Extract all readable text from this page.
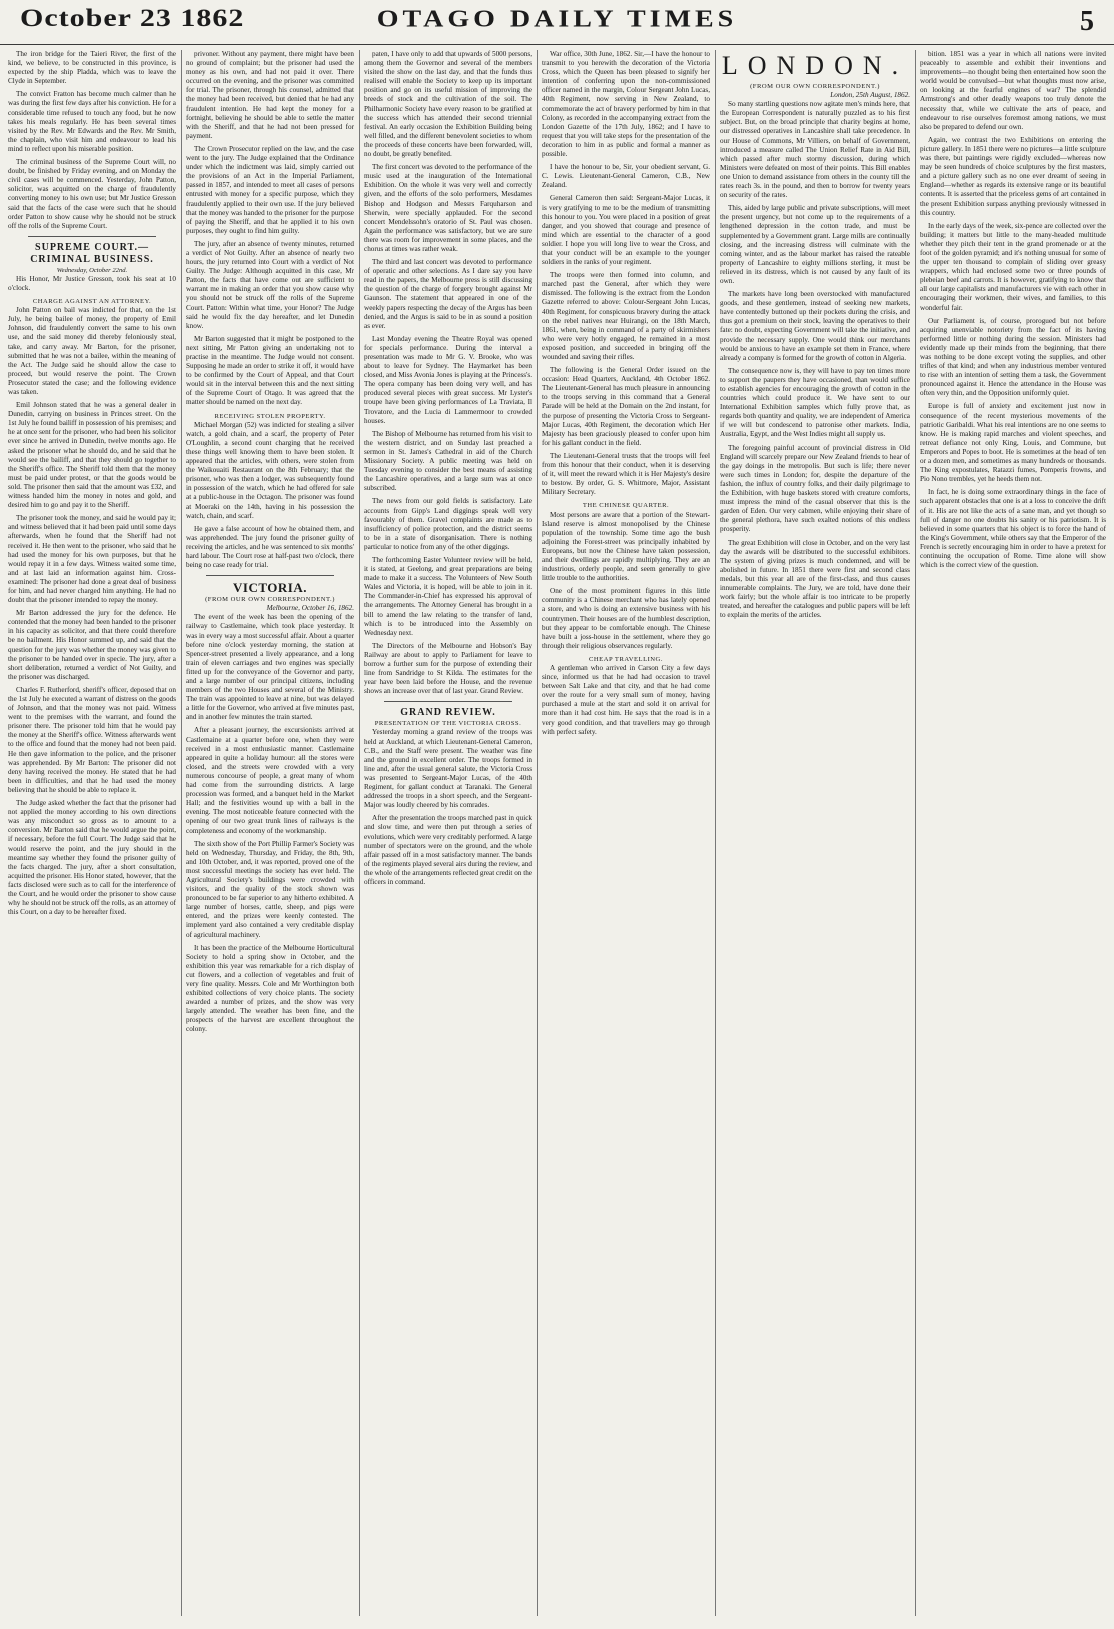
October 23 1862	OTAGO DAILY TIMES	5

The iron bridge for the Taieri River, the first of the kind, we believe, to be constructed in this province, is expected by the ship Pladda, which was to leave the Clyde in September.

The convict Fratton has become much calmer than he was during the first few days after his conviction. He for a considerable time refused to touch any food, but he now takes his meals regularly. He has been several times visited by the Rev. Mr Edwards and the Rev. Mr Smith, the chaplain, who visit him and endeavour to lead his mind to reflect upon his miserable position.

The criminal business of the Supreme Court will, no doubt, be finished by Friday evening, and on Monday the civil cases will be commenced. Yesterday, John Patton, solicitor, was acquitted on the charge of fraudulently converting money to his own use; but Mr Justice Gresson said that the facts of the case were such that he should order Patton to show cause why he should not be struck off the rolls of the Supreme Court.

SUPREME COURT.—CRIMINAL BUSINESS.

Wednesday, October 22nd.

His Honor, Mr Justice Gresson, took his seat at 10 o'clock.

CHARGE AGAINST AN ATTORNEY.

John Patton on bail was indicted for that, on the 1st July, he being bailee of money, the property of Emil Johnson, did fraudulently convert the same to his own use, and the said money did thereby feloniously steal, take, and carry away. Mr Barton, for the prisoner, submitted that he was not a bailee, within the meaning of the Act. The Judge said he should allow the case to proceed, but would reserve the point. The Crown Prosecutor stated the case; and the following evidence was taken.

Emil Johnson stated that he was a general dealer in Dunedin, carrying on business in Princes street. On the 1st July he found bailiff in possession of his premises; and he at once sent for the prisoner, who had been his solicitor ever since he arrived in Dunedin, twelve months ago. He asked the prisoner what he should do, and he said that he would see the bailiff, and that they should go together to the Sheriff's office. The Sheriff told them that the money must be paid under protest, or that the goods would be sold. The prisoner then said that the amount was £32, and witness handed him the money in notes and gold, and desired him to go and pay it to the Sheriff.

The prisoner took the money, and said he would pay it; and witness believed that it had been paid until some days afterwards, when he found that the Sheriff had not received it. He then went to the prisoner, who said that he had used the money for his own purposes, but that he would repay it in a few days. Witness waited some time, and at last laid an information against him. Cross-examined: The prisoner had done a great deal of business for him, and had never charged him anything. He had no doubt that the prisoner intended to repay the money.

Mr Barton addressed the jury for the defence. He contended that the money had been handed to the prisoner in his capacity as solicitor, and that there could therefore be no bailment. His Honor summed up, and said that the question for the jury was whether the money was given to the prisoner to be handed over in specie. The jury, after a short deliberation, returned a verdict of Not Guilty, and the prisoner was discharged.

Charles F. Rutherford, sheriff's officer, deposed that on the 1st July he executed a warrant of distress on the goods of Johnson, and that the money was not paid. Witness went to the premises with the warrant, and found the prisoner there. The prisoner told him that he would pay the money at the Sheriff's office. Witness afterwards went to the office and found that the money had not been paid. He then gave information to the police, and the prisoner was apprehended. By Mr Barton: The prisoner did not deny having received the money. He stated that he had been in difficulties, and that he had used the money believing that he should be able to replace it.

The Judge asked whether the fact that the prisoner had not applied the money according to his own directions was any misconduct so gross as to amount to a conversion. Mr Barton said that he would argue the point, if necessary, before the full Court. The Judge said that he would reserve the point, and the jury should in the meantime say whether they found the prisoner guilty of the facts charged. The jury, after a short consultation, acquitted the prisoner. His Honor stated, however, that the facts disclosed were such as to call for the interference of the Court, and he would order the prisoner to show cause why he should not be struck off the rolls, as an attorney of this Court, on a day to be hereafter fixed.

privoner. Without any payment, there might have been no ground of complaint; but the prisoner had used the money as his own, and had not paid it over. There occurred on the evening, and the prisoner was committed for trial. The prisoner, through his counsel, admitted that the money had been received, but denied that he had any fraudulent intention. He had kept the money for a fortnight, believing he should be able to settle the matter with the Sheriff, and that he had not been pressed for payment.

The Crown Prosecutor replied on the law, and the case went to the jury. The Judge explained that the Ordinance under which the indictment was laid, simply carried out the provisions of an Act in the Imperial Parliament, passed in 1857, and intended to meet all cases of persons entrusted with money for a specific purpose, which they fraudulently applied to their own use. If the jury believed that the money was handed to the prisoner for the purpose of paying the Sheriff, and that he applied it to his own purposes, they ought to find him guilty.

The jury, after an absence of twenty minutes, returned a verdict of Not Guilty. After an absence of nearly two hours, the jury returned into Court with a verdict of Not Guilty. The Judge: Although acquitted in this case, Mr Patton, the facts that have come out are sufficient to warrant me in making an order that you show cause why you should not be struck off the rolls of the Supreme Court. Patton: Within what time, your Honor? The Judge said he would fix the day hereafter, and let Dunedin know.

Mr Barton suggested that it might be postponed to the next sitting, Mr Patton giving an undertaking not to practise in the meantime. The Judge would not consent. Supposing he made an order to strike it off, it would have to be confirmed by the Court of Appeal, and that Court would sit in the interval between this and the next sitting of the Supreme Court of Otago. It was agreed that the matter should be named on the next day.

RECEIVING STOLEN PROPERTY.

Michael Morgan (52) was indicted for stealing a silver watch, a gold chain, and a scarf, the property of Peter O'Loughlin, a second count charging that he received these things well knowing them to have been stolen. It appeared that the articles, with others, were stolen from the Waikouaiti Restaurant on the 8th February; that the prisoner, who was then a lodger, was subsequently found in possession of the watch, which he had offered for sale at a public-house in the Octagon. The prisoner was found at Moeraki on the 14th, having in his possession the watch, chain, and scarf.

He gave a false account of how he obtained them, and was apprehended. The jury found the prisoner guilty of receiving the articles, and he was sentenced to six months' hard labour. The Court rose at half-past two o'clock, there being no case ready for trial.

VICTORIA.

(FROM OUR OWN CORRESPONDENT.)

Melbourne, October 16, 1862.

The event of the week has been the opening of the railway to Castlemaine, which took place yesterday. It was in every way a most successful affair. About a quarter before nine o'clock yesterday morning, the station at Spencer-street presented a lively appearance, and a long train of eleven carriages and two engines was specially fitted up for the conveyance of the Governor and party, and a large number of our principal citizens, including members of the two Houses and several of the Ministry. The train was appointed to leave at nine, but was delayed a little for the Governor, who arrived at five minutes past, and in another few minutes the train started.

After a pleasant journey, the excursionists arrived at Castlemaine at a quarter before one, when they were received in a most enthusiastic manner. Castlemaine appeared in quite a holiday humour: all the stores were closed, and the streets were crowded with a very numerous concourse of people, a great many of whom had come from the surrounding districts. A large procession was formed, and a banquet held in the Market Hall; and the festivities wound up with a ball in the evening. The most noticeable feature connected with the opening of our two great trunk lines of railways is the completeness and economy of the workmanship.

The sixth show of the Port Phillip Farmer's Society was held on Wednesday, Thursday, and Friday, the 8th, 9th, and 10th October, and, it was reported, proved one of the most successful meetings the society has ever held. The Agricultural Society's buildings were crowded with visitors, and the quality of the stock shown was pronounced to be far superior to any hitherto exhibited. A large number of horses, cattle, sheep, and pigs were entered, and the prizes were keenly contested. The implement yard also contained a very creditable display of agricultural machinery.

It has been the practice of the Melbourne Horticultural Society to hold a spring show in October, and the exhibition this year was remarkable for a rich display of cut flowers, and a collection of vegetables and fruit of very fine quality. Messrs. Cole and Mr Worthington both exhibited collections of very choice plants. The society awarded a number of prizes, and the show was very largely attended. The weather has been fine, and the prospects of the harvest are excellent throughout the colony.

paten, I have only to add that upwards of 5000 persons, among them the Governor and several of the members visited the show on the last day, and that the funds thus realised will enable the Society to keep up its important position and go on its useful mission of improving the breeds of stock and the cultivation of the soil. The Philharmonic Society have every reason to be gratified at the success which has attended their second triennial festival. An early occasion the Exhibition Building being well filled, and the different benevolent societies to whom the proceeds of these concerts have been forwarded, will, no doubt, be greatly benefited.

The first concert was devoted to the performance of the music used at the inauguration of the International Exhibition. On the whole it was very well and correctly given, and the efforts of the solo performers, Mesdames Bishop and Hodgson and Messrs Farquharson and Sherwin, were specially applauded. For the second concert Mendelssohn's oratorio of St. Paul was chosen. Again the performance was satisfactory, but we are sure there was room for improvement in some places, and the chorus at times was rather weak.

The third and last concert was devoted to performance of operatic and other selections. As I dare say you have read in the papers, the Melbourne press is still discussing the question of the charge of forgery brought against Mr Gaunson. The statement that appeared in one of the weekly papers respecting the decay of the Argus has been denied, and the Argus is said to be in as sound a position as ever.

Last Monday evening the Theatre Royal was opened for specials performance. During the interval a presentation was made to Mr G. V. Brooke, who was about to leave for Sydney. The Haymarket has been closed, and Miss Avonia Jones is playing at the Princess's. The opera company has been doing very well, and has produced several pieces with great success. Mr Lyster's troupe have been giving performances of La Traviata, Il Trovatore, and the Lucia di Lammermoor to crowded houses.

The Bishop of Melbourne has returned from his visit to the western district, and on Sunday last preached a sermon in St. James's Cathedral in aid of the Church Missionary Society. A public meeting was held on Tuesday evening to consider the best means of assisting the Lancashire operatives, and a large sum was at once subscribed.

The news from our gold fields is satisfactory. Late accounts from Gipp's Land diggings speak well very favourably of them. Gravel complaints are made as to insufficiency of police protection, and the district seems to be in a state of disorganisation. There is nothing particular to notice from any of the other diggings.

The forthcoming Easter Volunteer review will be held, it is stated, at Geelong, and great preparations are being made to make it a success. The Volunteers of New South Wales and Victoria, it is hoped, will be able to join in it. The Commander-in-Chief has expressed his approval of the arrangements. The Attorney General has brought in a bill to amend the law relating to the transfer of land, which is to be introduced into the Assembly on Wednesday next.

The Directors of the Melbourne and Hobson's Bay Railway are about to apply to Parliament for leave to borrow a further sum for the purpose of extending their line from Sandridge to St Kilda. The estimates for the year have been laid before the House, and the revenue shows an increase over that of last year. Grand Review.

GRAND REVIEW.

PRESENTATION OF THE VICTORIA CROSS.

Yesterday morning a grand review of the troops was held at Auckland, at which Lieutenant-General Cameron, C.B., and the Staff were present. The weather was fine and the ground in excellent order. The troops formed in line and, after the usual general salute, the Victoria Cross was presented to Sergeant-Major Lucas, of the 40th Regiment, for gallant conduct at Taranaki. The General addressed the troops in a short speech, and the Sergeant-Major was loudly cheered by his comrades.

After the presentation the troops marched past in quick and slow time, and were then put through a series of evolutions, which were very creditably performed. A large number of spectators were on the ground, and the whole affair passed off in a most satisfactory manner. The bands of the regiments played several airs during the review, and the whole of the arrangements reflected great credit on the officers in command.

War office, 30th June, 1862. Sir,—I have the honour to transmit to you herewith the decoration of the Victoria Cross, which the Queen has been pleased to signify her intention of conferring upon the non-commissioned officer named in the margin, Colour Sergeant John Lucas, 40th Regiment, now serving in New Zealand, to commemorate the act of bravery performed by him in that Colony, as recorded in the accompanying extract from the London Gazette of the 17th July, 1862; and I have to request that you will take steps for the presentation of the decoration to him in as public and formal a manner as possible.

I have the honour to be, Sir, your obedient servant, G. C. Lewis. Lieutenant-General Cameron, C.B., New Zealand.

General Cameron then said: Sergeant-Major Lucas, it is very gratifying to me to be the medium of transmitting this honour to you. You were placed in a position of great danger, and you showed that courage and presence of mind which are essential to the character of a good soldier. I hope you will long live to wear the Cross, and that your conduct will be an example to the younger soldiers in the ranks of your regiment.

The troops were then formed into column, and marched past the General, after which they were dismissed. The following is the extract from the London Gazette referred to above: Colour-Sergeant John Lucas, 40th Regiment, for conspicuous bravery during the attack on the rebel natives near Huirangi, on the 18th March, 1861, when, being in command of a party of skirmishers who were very hotly engaged, he remained in a most exposed position, and succeeded in bringing off the wounded and saving their rifles.

The following is the General Order issued on the occasion: Head Quarters, Auckland, 4th October 1862. The Lieutenant-General has much pleasure in announcing to the troops serving in this command that a General Parade will be held at the Domain on the 2nd instant, for the purpose of presenting the Victoria Cross to Sergeant-Major Lucas, 40th Regiment, the decoration which Her Majesty has been graciously pleased to confer upon him for his gallant conduct in the field.

The Lieutenant-General trusts that the troops will feel from this honour that their conduct, when it is deserving of it, will meet the reward which it is Her Majesty's desire to bestow. By order, G. S. Whitmore, Major, Assistant Military Secretary.

THE CHINESE QUARTER.

Most persons are aware that a portion of the Stewart-Island reserve is almost monopolised by the Chinese population of the township. Some time ago the bush adjoining the Forest-street was principally inhabited by Europeans, but now the Chinese have taken possession, and their dwellings are rapidly multiplying. They are an industrious, orderly people, and seem generally to give little trouble to the authorities.

One of the most prominent figures in this little community is a Chinese merchant who has lately opened a store, and who is doing an extensive business with his countrymen. Their houses are of the humblest description, but they appear to be comfortable enough. The Chinese have built a joss-house in the settlement, where they go through their religious observances regularly.

CHEAP TRAVELLING.

A gentleman who arrived in Carson City a few days since, informed us that he had had occasion to travel between Salt Lake and that city, and that he had come over the route for a very small sum of money, having purchased a mule at the start and sold it on arrival for more than it had cost him. He says that the road is in a very good condition, and that travellers may go through with perfect safety.

LONDON.

(FROM OUR OWN CORRESPONDENT.)

London, 25th August, 1862.

So many startling questions now agitate men's minds here, that the European Correspondent is naturally puzzled as to his first subject. But, on the broad principle that charity begins at home, our distressed operatives in Lancashire shall take precedence. In our House of Commons, Mr Villiers, on behalf of Government, introduced a measure called The Union Relief Rate in Aid Bill, which passed after much stormy discussion, during which Ministers were defeated on most of their points. This Bill enables one Union to demand assistance from others in the county till the rates reach 3s. in the pound, and then to borrow for twenty years on security of the rates.

This, aided by large public and private subscriptions, will meet the present urgency, but not come up to the requirements of a lengthened depression in the cotton trade, and must be supplemented by a Government grant. Large mills are continually closing, and the increasing distress will culminate with the coming winter, and as the labour market has raised the rateable property of Lancashire to eighty millions sterling, it must be relieved in its distress, which is not caused by any fault of its own.

The markets have long been overstocked with manufactured goods, and these gentlemen, instead of seeking new markets, have contentedly buttoned up their pockets during the crisis, and thus got a premium on their stock, leaving the operatives to their fate: no doubt, expecting Government will take the initiative, and provide the necessary supply. One would think our merchants would be anxious to have an example set them in France, where already a company is formed for the growth of cotton in Algeria.

The consequence now is, they will have to pay ten times more to support the paupers they have occasioned, than would suffice to establish agencies for encouraging the growth of cotton in the countries which could produce it. We have sent to our International Exhibition samples which fully prove that, as regards both quantity and quality, we are independent of America if we will but condescend to patronise other markets. India, Australia, Egypt, and the West Indies might all supply us.

The foregoing painful account of provincial distress in Old England will scarcely prepare our New Zealand friends to hear of the gay doings in the metropolis. But such is life; there never were such times in London; for, despite the departure of the fashion, the influx of country folks, and their daily pilgrimage to the Exhibition, with huge baskets stored with creature comforts, must impress the mind of the casual observer that this is the garden of Eden. Our very cabmen, while enjoying their share of the general plethora, have such exalted notions of this endless prosperity.

The great Exhibition will close in October, and on the very last day the awards will be distributed to the successful exhibitors. The system of giving prizes is much condemned, and will be abolished in future. In 1851 there were first and second class medals, but this year all are of the first-class, and thus causes innumerable complaints. The Jury, we are told, have done their work fairly; but the whole affair is too intricate to be properly treated, and hereafter the catalogues and public papers will be left to explain the merits of the articles.

bition. 1851 was a year in which all nations were invited peaceably to assemble and exhibit their inventions and improvements—no thought being then entertained how soon the world would be convulsed—but what thoughts must now arise, on looking at the fearful engines of war? The splendid Armstrong's and other deadly weapons too truly denote the necessity that, while we cultivate the arts of peace, and endeavour to rise ourselves foremost among nations, we must also be prepared to defend our own.

Again, we contrast the two Exhibitions on entering the picture gallery. In 1851 there were no pictures—a little sculpture was there, but paintings were rigidly excluded—whereas now may be seen hundreds of choice sculptures by the first masters, and a picture gallery such as no one ever dreamt of seeing in England—whether as regards its extensive range or its beautiful contents. It is asserted that the priceless gems of art contained in the present Exhibition surpass anything previously witnessed in this country.

In the early days of the week, six-pence are collected over the building; it matters but little to the many-headed multitude whether they pitch their tent in the grand promenade or at the foot of the golden pyramid; and it's nothing unusual for some of the upper ten thousand to complain of sliding over greasy wrappers, which had enclosed some two or three pounds of plebeian beef and carrots. It is however, gratifying to know that all our large capitalists and manufacturers vie with each other in encouraging their workmen, their wives, and families, to this wonderful fair.

Our Parliament is, of course, prorogued but not before acquiring unenviable notoriety from the fact of its having performed little or nothing during the session. Ministers had evidently made up their minds from the beginning, that there was nothing to be done except voting the supplies, and other trifles of that kind; and when any industrious member ventured to rise with an intention of setting them a task, the Government pronounced against it. Hence the attendance in the House was often very thin, and the Opposition uniformly quiet.

Europe is full of anxiety and excitement just now in consequence of the recent mysterious movements of the patriotic Garibaldi. What his real intentions are no one seems to know. He is making rapid marches and violent speeches, and retreat defiance not only King, Louis, and Commune, but Emperors and Popes to boot. He is sometimes at the head of ten or a dozen men, and sometimes as many hundreds or thousands. The King expostulates, Ratazzi fumes, Pomperis frowns, and Pio Nono trembles, yet he heeds them not.

In fact, he is doing some extraordinary things in the face of such apparent obstacles that one is at a loss to conceive the drift of it. His are not like the acts of a sane man, and yet though so full of danger no one doubts his sanity or his patriotism. It is believed in some quarters that his object is to force the hand of the King's Government, while others say that the Emperor of the French is secretly encouraging him in order to have a pretext for continuing the occupation of Rome. Time alone will show which is the correct view of the question.
